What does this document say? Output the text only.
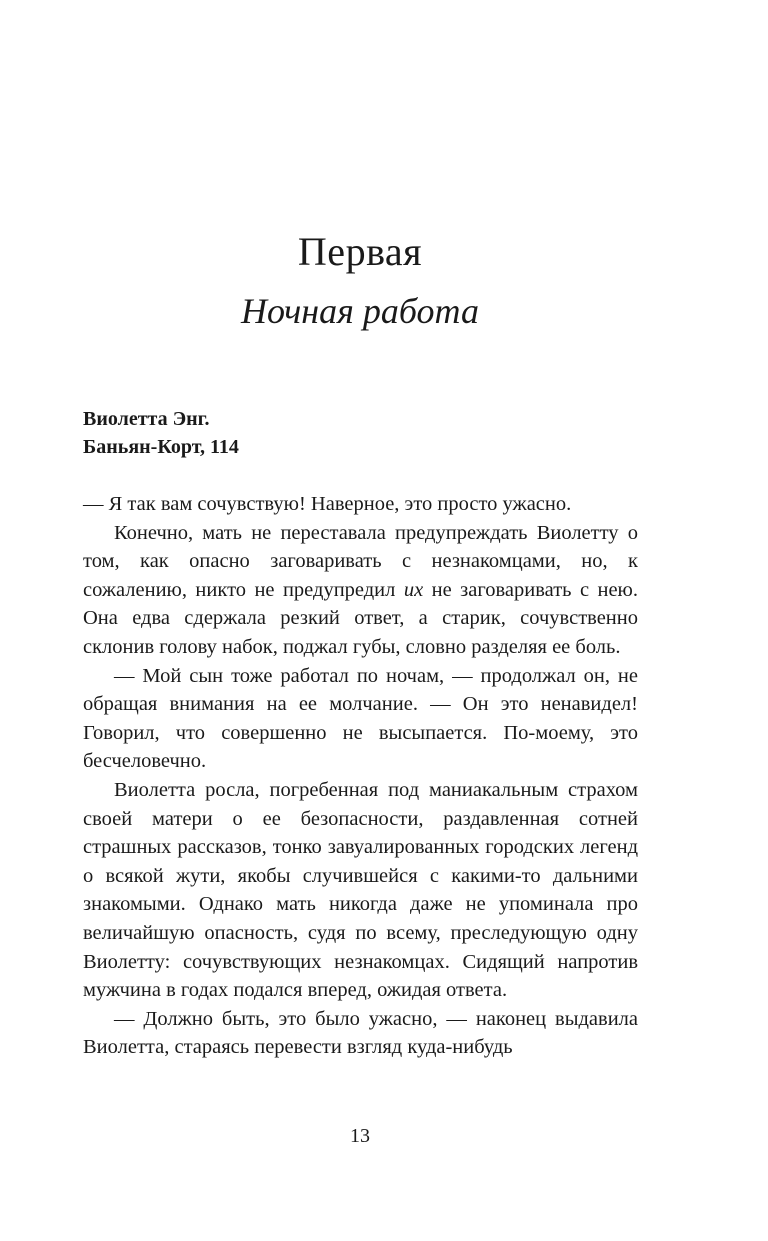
Первая
Ночная работа
Виолетта Энг.
Баньян-Корт, 114

— Я так вам сочувствую! Наверное, это просто ужасно.

Конечно, мать не переставала предупреждать Виолетту о том, как опасно заговаривать с незнакомцами, но, к сожалению, никто не предупредил их не заговаривать с нею. Она едва сдержала резкий ответ, а старик, сочувственно склонив голову набок, поджал губы, словно разделяя ее боль.

— Мой сын тоже работал по ночам, — продолжал он, не обращая внимания на ее молчание. — Он это ненавидел! Говорил, что совершенно не высыпается. По-моему, это бесчеловечно.

Виолетта росла, погребенная под маниакальным страхом своей матери о ее безопасности, раздавленная сотней страшных рассказов, тонко завуалированных городских легенд о всякой жути, якобы случившейся с какими-то дальними знакомыми. Однако мать никогда даже не упоминала про величайшую опасность, судя по всему, преследующую одну Виолетту: сочувствующих незнакомцах. Сидящий напротив мужчина в годах подался вперед, ожидая ответа.

— Должно быть, это было ужасно, — наконец выдавила Виолетта, стараясь перевести взгляд куда-нибудь

13
